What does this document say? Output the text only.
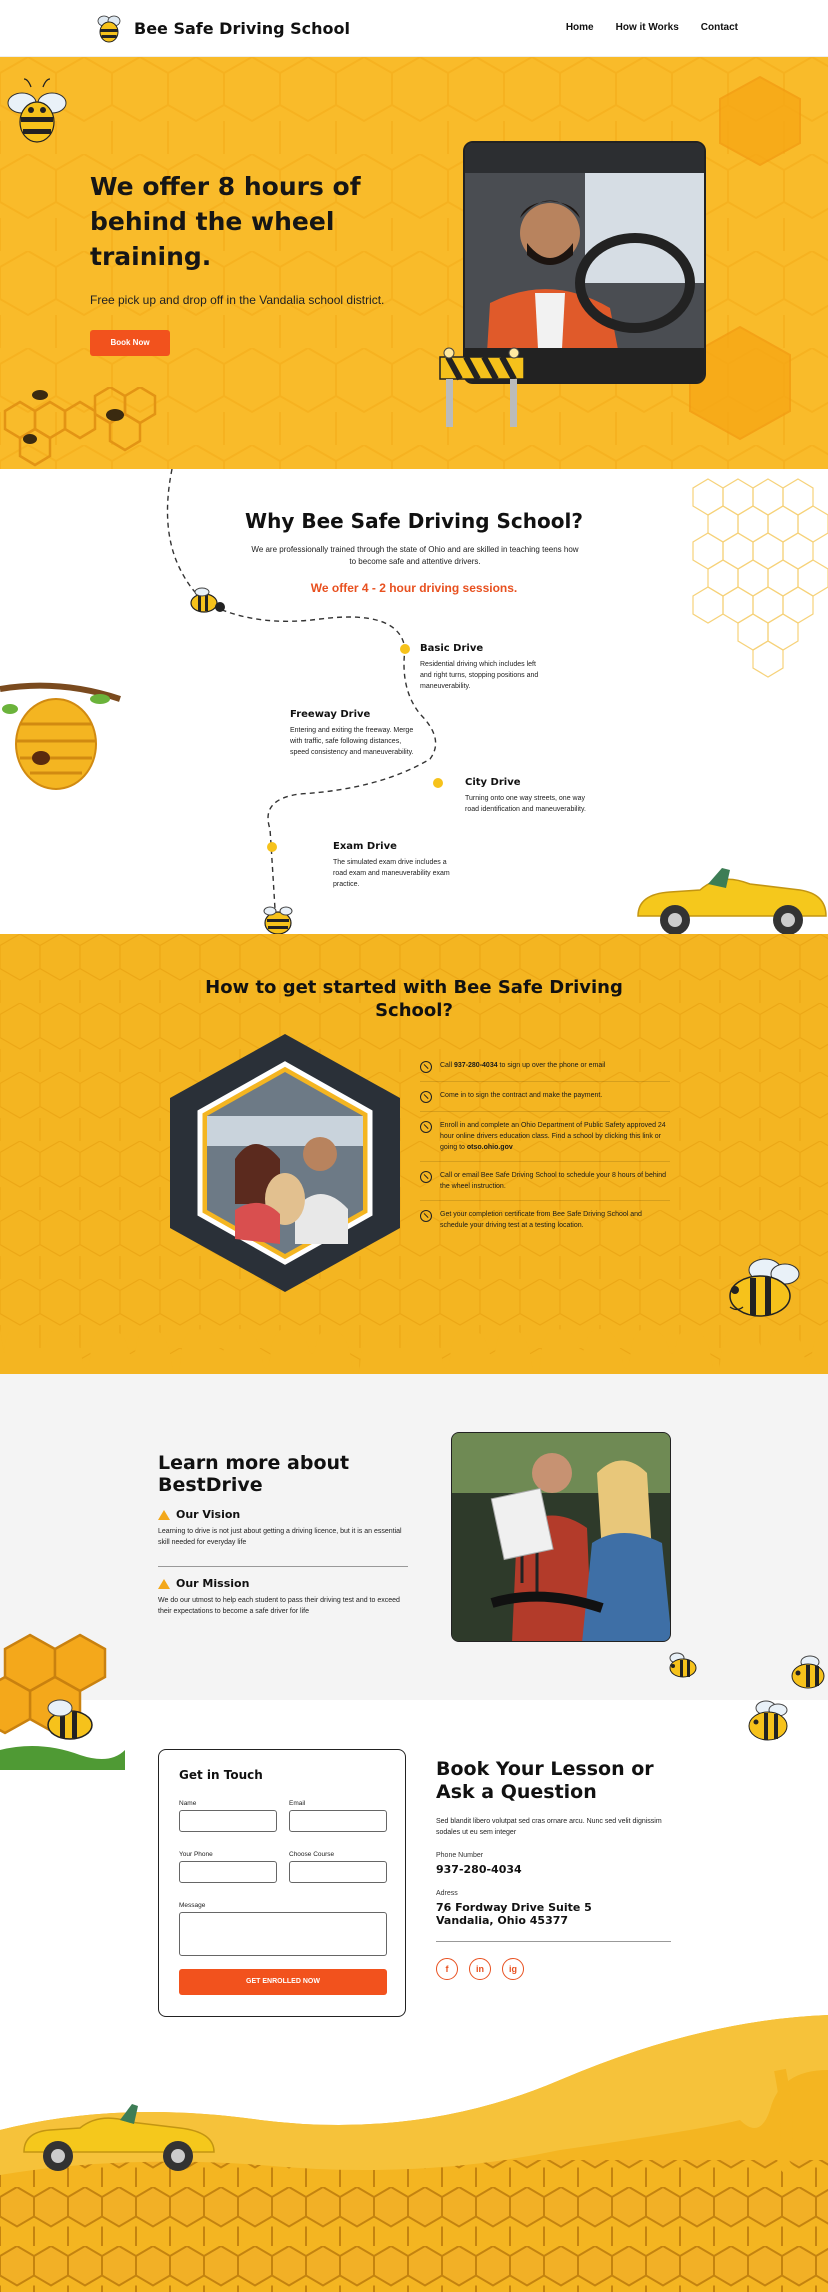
Bee Safe Driving School	Home How it Works Contact
We offer 8 hours of behind the wheel training.
Free pick up and drop off in the Vandalia school district.
Book Now
Why Bee Safe Driving School?
We are professionally trained through the state of Ohio and are skilled in teaching teens how to become safe and attentive drivers.
We offer 4 - 2 hour driving sessions.
Basic Drive
Residential driving which includes left and right turns, stopping positions and maneuverability.
Freeway Drive
Entering and exiting the freeway. Merge with traffic, safe following distances, speed consistency and maneuverability.
City Drive
Turning onto one way streets, one way road identification and maneuverability.
Exam Drive
The simulated exam drive includes a road exam and maneuverability exam practice.
How to get started with Bee Safe Driving School?
Call 937-280-4034 to sign up over the phone or email
Come in to sign the contract and make the payment.
Enroll in and complete an Ohio Department of Public Safety approved 24 hour online drivers education class. Find a school by clicking this link or going to otso.ohio.gov
Call or email Bee Safe Driving School to schedule your 8 hours of behind the wheel instruction.
Get your completion certificate from Bee Safe Driving School and schedule your driving test at a testing location.
Learn more about BestDrive
Our Vision

Learning to drive is not just about getting a driving licence, but it is an essential skill needed for everyday life

Our Mission

We do our utmost to help each student to pass their driving test and to exceed their expectations to become a safe driver for life

Get in Touch
Name	Email
Your Phone	Choose Course
Message
GET ENROLLED NOW
Book Your Lesson or Ask a Question
Sed blandit libero volutpat sed cras ornare arcu. Nunc sed velit dignissim sodales ut eu sem integer
Phone Number
937-280-4034
Adress
76 Fordway Drive Suite 5
Vandalia, Ohio 45377
f	in	ig
